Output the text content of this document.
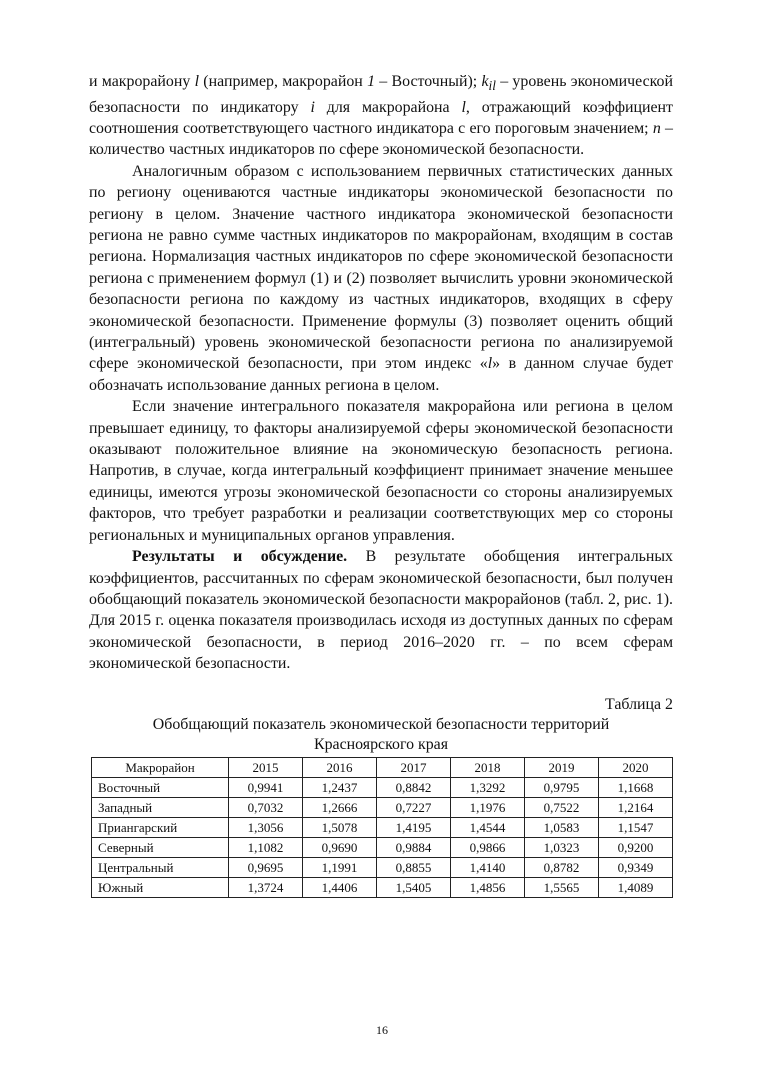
и макрорайону l (например, макрорайон 1 – Восточный); $k_{il}$ – уровень экономической безопасности по индикатору i для макрорайона l, отражающий коэффициент соотношения соответствующего частного индикатора с его пороговым значением; n – количество частных индикаторов по сфере экономической безопасности.

Аналогичным образом с использованием первичных статистических данных по региону оцениваются частные индикаторы экономической безопасности по региону в целом. Значение частного индикатора экономической безопасности региона не равно сумме частных индикаторов по макрорайонам, входящим в состав региона. Нормализация частных индикаторов по сфере экономической безопасности региона с применением формул (1) и (2) позволяет вычислить уровни экономической безопасности региона по каждому из частных индикаторов, входящих в сферу экономической безопасности. Применение формулы (3) позволяет оценить общий (интегральный) уровень экономической безопасности региона по анализируемой сфере экономической безопасности, при этом индекс «l» в данном случае будет обозначать использование данных региона в целом.

Если значение интегрального показателя макрорайона или региона в целом превышает единицу, то факторы анализируемой сферы экономической безопасности оказывают положительное влияние на экономическую безопасность региона. Напротив, в случае, когда интегральный коэффициент принимает значение меньшее единицы, имеются угрозы экономической безопасности со стороны анализируемых факторов, что требует разработки и реализации соответствующих мер со стороны региональных и муниципальных органов управления.

Результаты и обсуждение. В результате обобщения интегральных коэффициентов, рассчитанных по сферам экономической безопасности, был получен обобщающий показатель экономической безопасности макрорайонов (табл. 2, рис. 1). Для 2015 г. оценка показателя производилась исходя из доступных данных по сферам экономической безопасности, в период 2016–2020 гг. – по всем сферам экономической безопасности.

Таблица 2

Обобщающий показатель экономической безопасности территорий

Красноярского края

Макрорайон	2015	2016	2017	2018	2019	2020
Восточный	0,9941	1,2437	0,8842	1,3292	0,9795	1,1668
Западный	0,7032	1,2666	0,7227	1,1976	0,7522	1,2164
Приангарский	1,3056	1,5078	1,4195	1,4544	1,0583	1,1547
Северный	1,1082	0,9690	0,9884	0,9866	1,0323	0,9200
Центральный	0,9695	1,1991	0,8855	1,4140	0,8782	0,9349
Южный	1,3724	1,4406	1,5405	1,4856	1,5565	1,4089
16
